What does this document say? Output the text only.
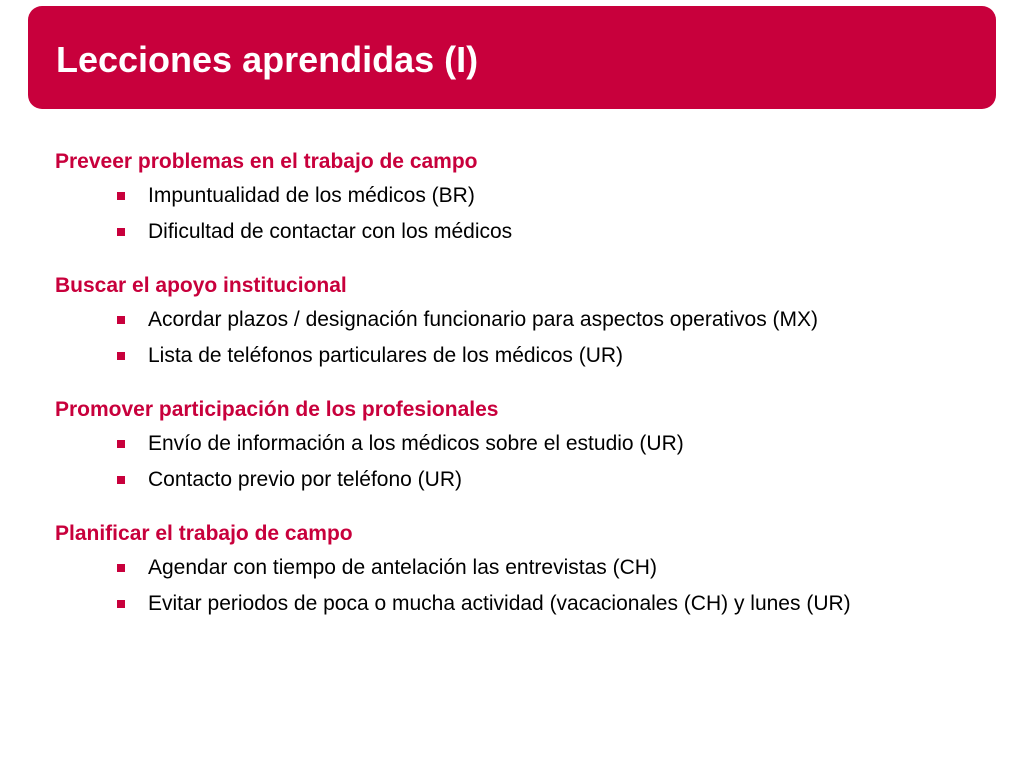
Lecciones aprendidas (I)
Preveer problemas en el trabajo de campo
Impuntualidad de los médicos (BR)
Dificultad de contactar con los médicos
Buscar el apoyo institucional
Acordar plazos / designación funcionario para aspectos operativos (MX)
Lista de teléfonos particulares de los médicos (UR)
Promover participación de los profesionales
Envío de información a los médicos sobre el estudio (UR)
Contacto previo por teléfono (UR)
Planificar el trabajo de campo
Agendar con tiempo de antelación las entrevistas (CH)
Evitar periodos de poca o mucha actividad (vacacionales (CH) y lunes (UR)
